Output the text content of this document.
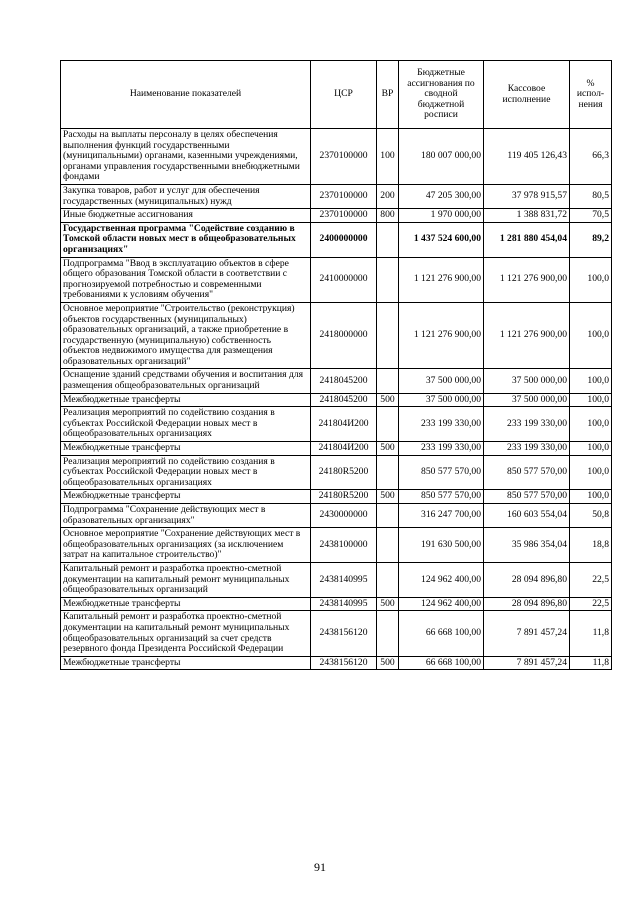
Наименование показателей	ЦСР	ВР	Бюджетные ассигнования по сводной бюджетной росписи	Кассовое исполнение	% испол-нения
Расходы на выплаты персоналу в целях обеспечения выполнения функций государственными (муниципальными) органами, казенными учреждениями, органами управления государственными внебюджетными фондами	2370100000	100	180 007 000,00	119 405 126,43	66,3
Закупка товаров, работ и услуг для обеспечения государственных (муниципальных) нужд	2370100000	200	47 205 300,00	37 978 915,57	80,5
Иные бюджетные ассигнования	2370100000	800	1 970 000,00	1 388 831,72	70,5
Государственная программа "Содействие созданию в Томской области новых мест в общеобразовательных организациях"	2400000000		1 437 524 600,00	1 281 880 454,04	89,2
Подпрограмма "Ввод в эксплуатацию объектов в сфере общего образования Томской области в соответствии с прогнозируемой потребностью и современными требованиями к условиям обучения"	2410000000		1 121 276 900,00	1 121 276 900,00	100,0
Основное мероприятие "Строительство (реконструкция) объектов государственных (муниципальных) образовательных организаций, а также приобретение в государственную (муниципальную) собственность объектов недвижимого имущества для размещения образовательных организаций"	2418000000		1 121 276 900,00	1 121 276 900,00	100,0
Оснащение зданий средствами обучения и воспитания для размещения общеобразовательных организаций	2418045200		37 500 000,00	37 500 000,00	100,0
Межбюджетные трансферты	2418045200	500	37 500 000,00	37 500 000,00	100,0
Реализация мероприятий по содействию создания в субъектах Российской Федерации новых мест в общеобразовательных организациях	241804И200		233 199 330,00	233 199 330,00	100,0
Межбюджетные трансферты	241804И200	500	233 199 330,00	233 199 330,00	100,0
Реализация мероприятий по содействию создания в субъектах Российской Федерации новых мест в общеобразовательных организациях	24180R5200		850 577 570,00	850 577 570,00	100,0
Межбюджетные трансферты	24180R5200	500	850 577 570,00	850 577 570,00	100,0
Подпрограмма "Сохранение действующих мест в образовательных организациях"	2430000000		316 247 700,00	160 603 554,04	50,8
Основное мероприятие "Сохранение действующих мест в общеобразовательных организациях (за исключением затрат на капитальное строительство)"	2438100000		191 630 500,00	35 986 354,04	18,8
Капитальный ремонт и разработка проектно-сметной документации на капитальный ремонт муниципальных общеобразовательных организаций	2438140995		124 962 400,00	28 094 896,80	22,5
Межбюджетные трансферты	2438140995	500	124 962 400,00	28 094 896,80	22,5
Капитальный ремонт и разработка проектно-сметной документации на капитальный ремонт муниципальных общеобразовательных организаций за счет средств резервного фонда Президента Российской Федерации	2438156120		66 668 100,00	7 891 457,24	11,8
Межбюджетные трансферты	2438156120	500	66 668 100,00	7 891 457,24	11,8
91
